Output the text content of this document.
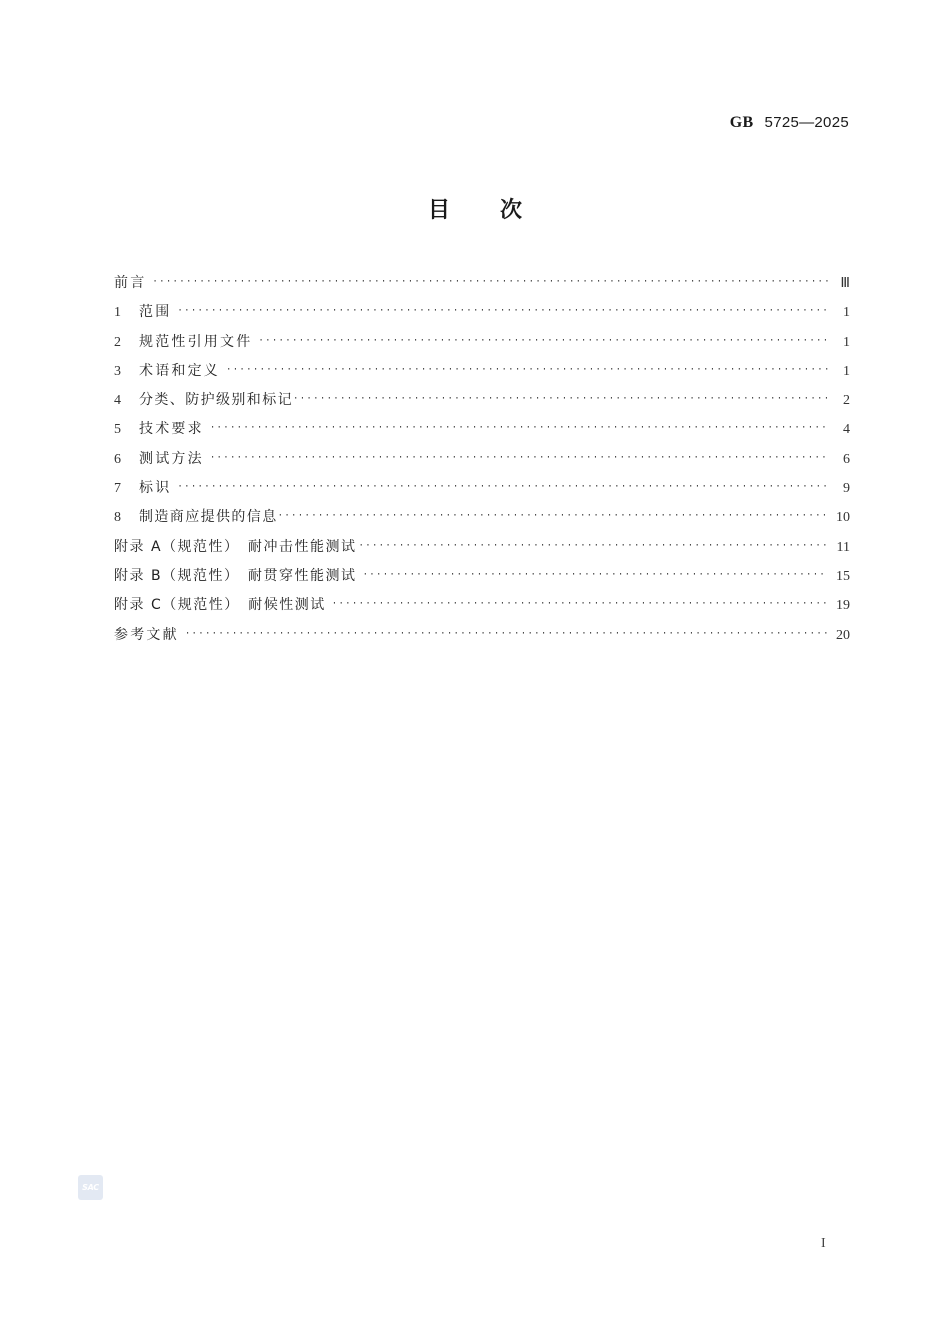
GB 5725—2025
目 次
前言 ·····	Ⅲ
1	范围 ·····	1
2	规范性引用文件 ·····	1
3	术语和定义 ·····	1
4	分类、防护级别和标记 ·····	2
5	技术要求 ·····	4
6	测试方法 ·····	6
7	标识 ·····	9
8	制造商应提供的信息 ·····	10
附录 A（规范性）　耐冲击性能测试 ·····	11
附录 B（规范性）　耐贯穿性能测试 ·····	15
附录 C（规范性）　耐候性测试 ·····	19
参考文献 ·····	20
SAC
I
